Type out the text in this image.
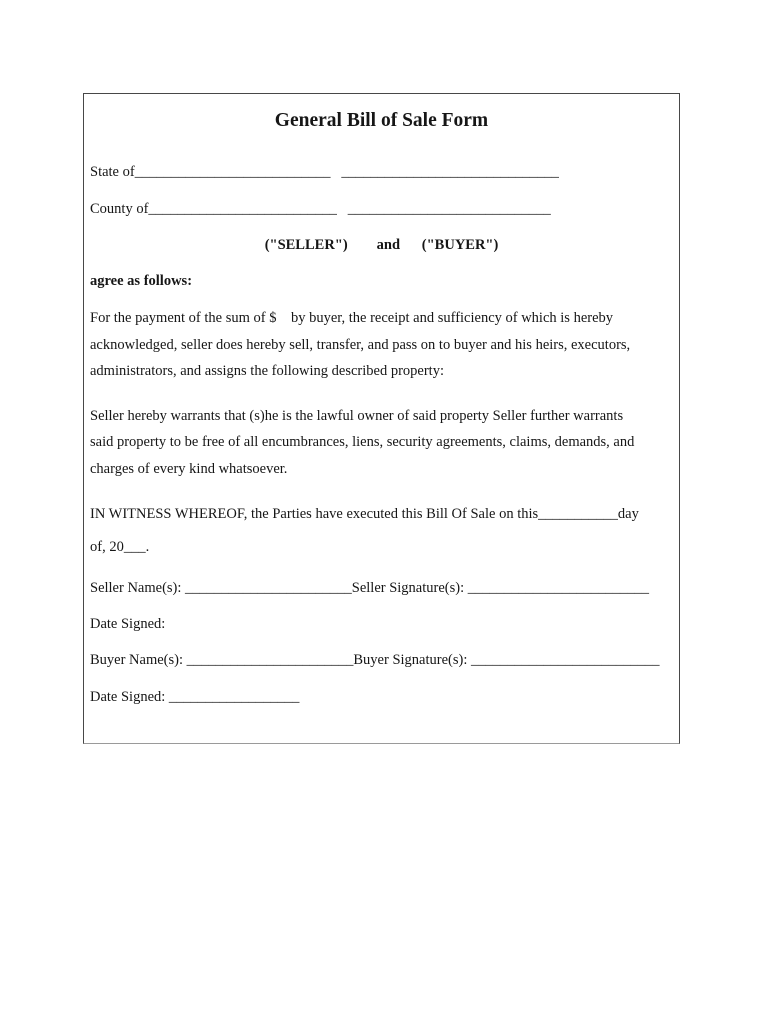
General Bill of Sale Form
State of___________________________   ______________________________
County of__________________________   ____________________________
("SELLER")        and      ("BUYER")
agree as follows:
For the payment of the sum of $    by buyer, the receipt and sufficiency of which is hereby
acknowledged, seller does hereby sell, transfer, and pass on to buyer and his heirs, executors,
administrators, and assigns the following described property:
Seller hereby warrants that (s)he is the lawful owner of said property Seller further warrants
said property to be free of all encumbrances, liens, security agreements, claims, demands, and
charges of every kind whatsoever.
IN WITNESS WHEREOF, the Parties have executed this Bill Of Sale on this___________day
of, 20___.
Seller Name(s): _______________________Seller Signature(s): _________________________
Date Signed:
Buyer Name(s): _______________________Buyer Signature(s): __________________________
Date Signed: __________________
